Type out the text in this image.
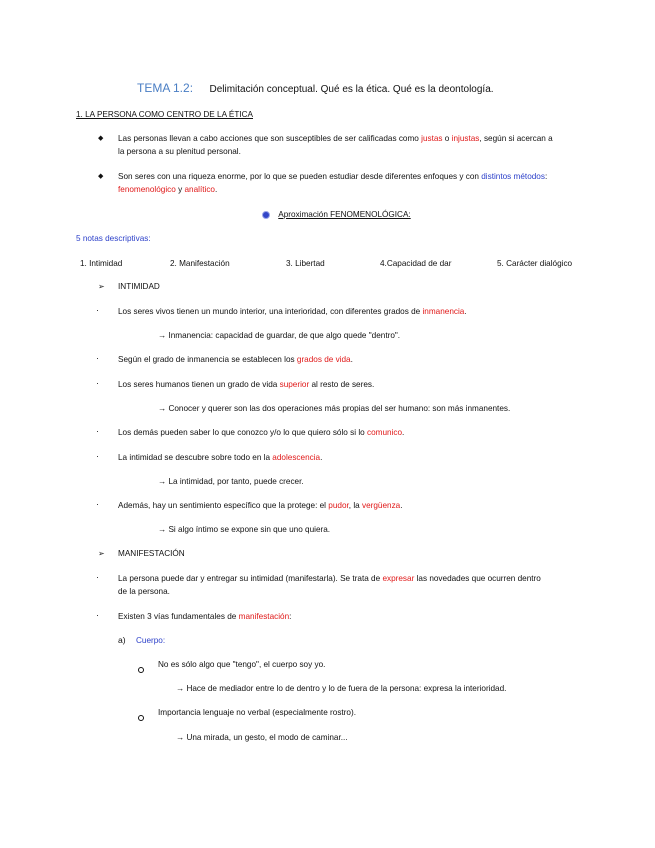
TEMA 1.2: Delimitación conceptual. Qué es la ética. Qué es la deontología.
1. LA PERSONA COMO CENTRO DE LA ÉTICA
◆ Las personas llevan a cabo acciones que son susceptibles de ser calificadas como justas o injustas, según si acercan a
la persona a su plenitud personal.
◆ Son seres con una riqueza enorme, por lo que se pueden estudiar desde diferentes enfoques y con distintos métodos:
fenomenológico y analítico.
Aproximación FENOMENOLÓGICA:
5 notas descriptivas:
1. Intimidad	2. Manifestación	3. Libertad	4.Capacidad de dar	5. Carácter dialógico
➢ INTIMIDAD
· Los seres vivos tienen un mundo interior, una interioridad, con diferentes grados de inmanencia.
→ Inmanencia: capacidad de guardar, de que algo quede "dentro".
· Según el grado de inmanencia se establecen los grados de vida.
· Los seres humanos tienen un grado de vida superior al resto de seres.
→ Conocer y querer son las dos operaciones más propias del ser humano: son más inmanentes.
· Los demás pueden saber lo que conozco y/o lo que quiero sólo si lo comunico.
· La intimidad se descubre sobre todo en la adolescencia.
→ La intimidad, por tanto, puede crecer.
· Además, hay un sentimiento específico que la protege: el pudor, la vergüenza.
→ Si algo íntimo se expone sin que uno quiera.
➢ MANIFESTACIÓN
· La persona puede dar y entregar su intimidad (manifestarla). Se trata de expresar las novedades que ocurren dentro
de la persona.
· Existen 3 vías fundamentales de manifestación:
a) Cuerpo:
No es sólo algo que "tengo", el cuerpo soy yo.
→ Hace de mediador entre lo de dentro y lo de fuera de la persona: expresa la interioridad.
Importancia lenguaje no verbal (especialmente rostro).
→ Una mirada, un gesto, el modo de caminar...
